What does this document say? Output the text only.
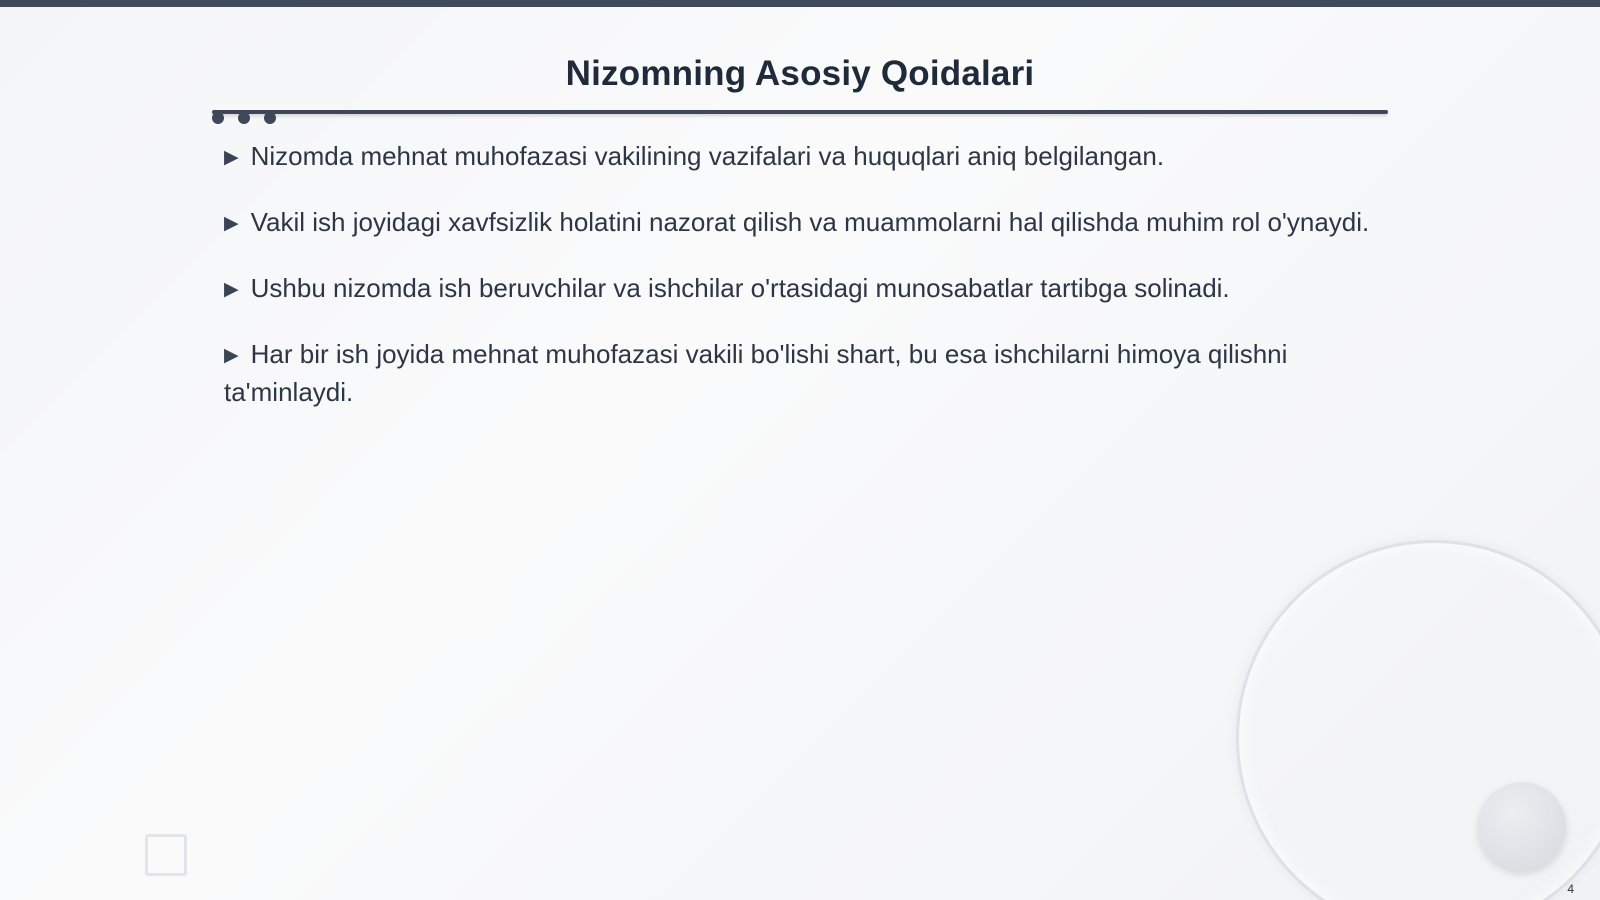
Nizomning Asosiy Qoidalari
▶ Nizomda mehnat muhofazasi vakilining vazifalari va huquqlari aniq belgilangan.
▶ Vakil ish joyidagi xavfsizlik holatini nazorat qilish va muammolarni hal qilishda muhim rol o'ynaydi.
▶ Ushbu nizomda ish beruvchilar va ishchilar o'rtasidagi munosabatlar tartibga solinadi.
▶ Har bir ish joyida mehnat muhofazasi vakili bo'lishi shart, bu esa ishchilarni himoya qilishni ta'minlaydi.
4
